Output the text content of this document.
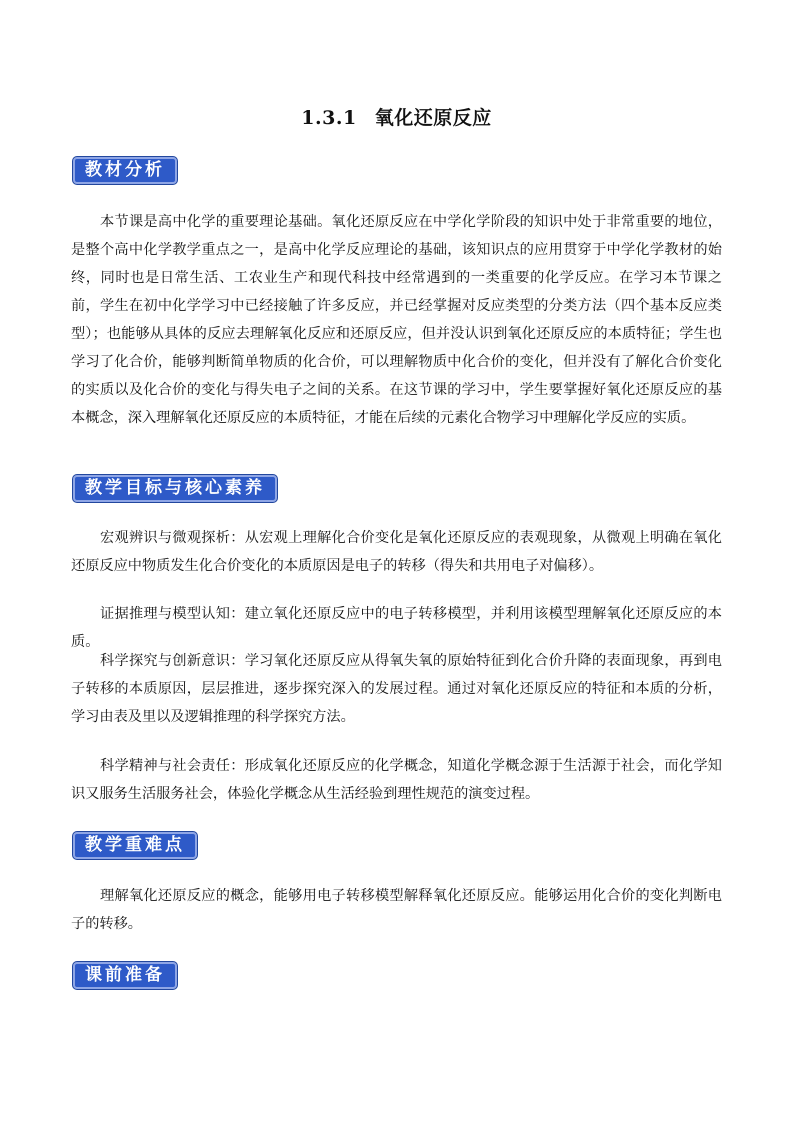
1.3.1 氧化还原反应
教材分析

本节课是高中化学的重要理论基础。氧化还原反应在中学化学阶段的知识中处于非常重要的地位，是整个高中化学教学重点之一，是高中化学反应理论的基础，该知识点的应用贯穿于中学化学教材的始终，同时也是日常生活、工农业生产和现代科技中经常遇到的一类重要的化学反应。在学习本节课之前，学生在初中化学学习中已经接触了许多反应，并已经掌握对反应类型的分类方法（四个基本反应类型）；也能够从具体的反应去理解氧化反应和还原反应，但并没认识到氧化还原反应的本质特征；学生也学习了化合价，能够判断简单物质的化合价，可以理解物质中化合价的变化，但并没有了解化合价变化的实质以及化合价的变化与得失电子之间的关系。在这节课的学习中，学生要掌握好氧化还原反应的基本概念，深入理解氧化还原反应的本质特征，才能在后续的元素化合物学习中理解化学反应的实质。

教学目标与核心素养

宏观辨识与微观探析：从宏观上理解化合价变化是氧化还原反应的表观现象，从微观上明确在氧化还原反应中物质发生化合价变化的本质原因是电子的转移（得失和共用电子对偏移）。

证据推理与模型认知：建立氧化还原反应中的电子转移模型，并利用该模型理解氧化还原反应的本质。

科学探究与创新意识：学习氧化还原反应从得氧失氧的原始特征到化合价升降的表面现象，再到电子转移的本质原因，层层推进，逐步探究深入的发展过程。通过对氧化还原反应的特征和本质的分析，学习由表及里以及逻辑推理的科学探究方法。

科学精神与社会责任：形成氧化还原反应的化学概念，知道化学概念源于生活源于社会，而化学知识又服务生活服务社会，体验化学概念从生活经验到理性规范的演变过程。

教学重难点

理解氧化还原反应的概念，能够用电子转移模型解释氧化还原反应。能够运用化合价的变化判断电子的转移。

课前准备
